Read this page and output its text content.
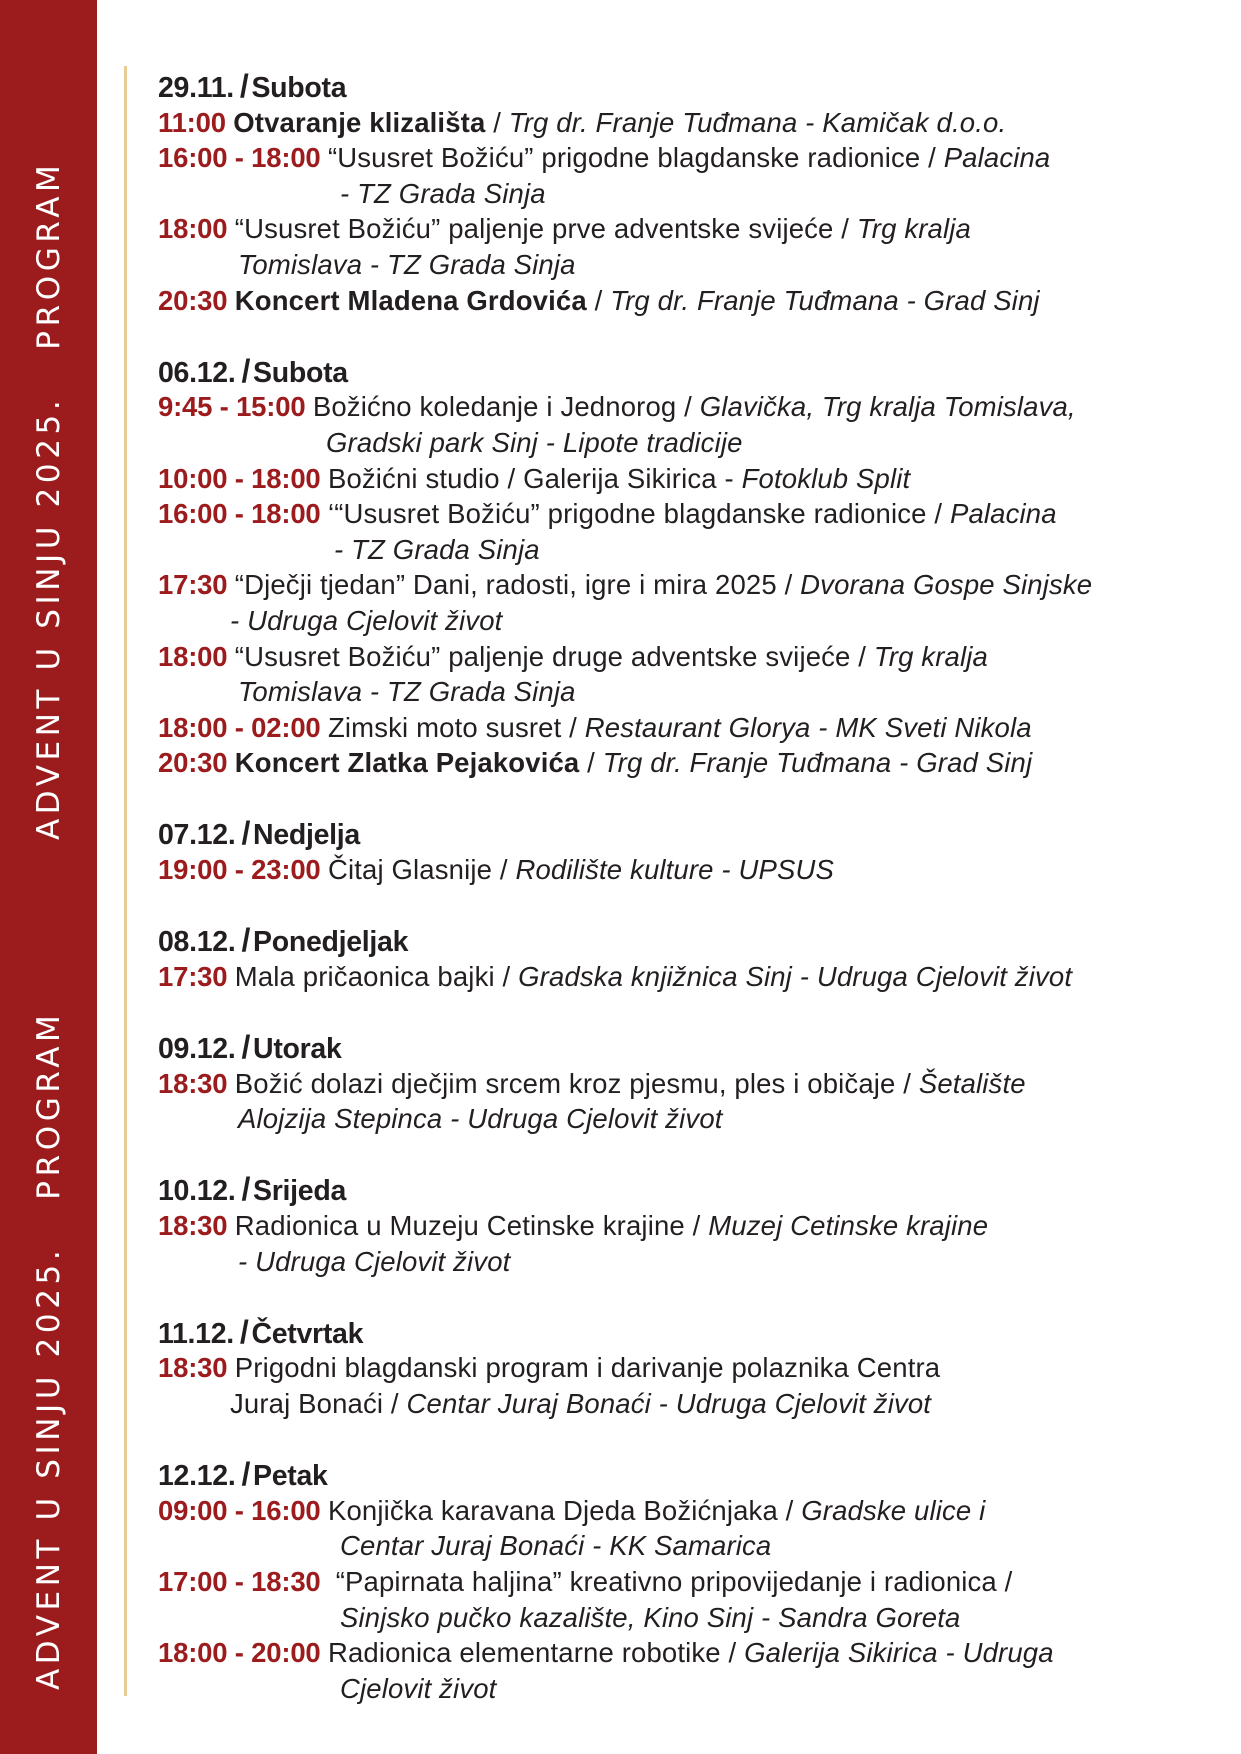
ADVENT U SINJU 2025.PROGRAM
ADVENT U SINJU 2025.PROGRAM
29.11. / Subota
11:00 Otvaranje klizališta / Trg dr. Franje Tuđmana - Kamičak d.o.o.
16:00 - 18:00 “Ususret Božiću” prigodne blagdanske radionice / Palacina
- TZ Grada Sinja
18:00 “Ususret Božiću” paljenje prve adventske svijeće / Trg kralja
Tomislava - TZ Grada Sinja
20:30 Koncert Mladena Grdovića / Trg dr. Franje Tuđmana - Grad Sinj
06.12. / Subota
9:45 - 15:00 Božićno koledanje i Jednorog / Glavička, Trg kralja Tomislava,
Gradski park Sinj - Lipote tradicije
10:00 - 18:00 Božićni studio / Galerija Sikirica - Fotoklub Split
16:00 - 18:00 ‘“Ususret Božiću” prigodne blagdanske radionice / Palacina
- TZ Grada Sinja
17:30 “Dječji tjedan” Dani, radosti, igre i mira 2025 / Dvorana Gospe Sinjske
- Udruga Cjelovit život
18:00 “Ususret Božiću” paljenje druge adventske svijeće / Trg kralja
Tomislava - TZ Grada Sinja
18:00 - 02:00 Zimski moto susret / Restaurant Glorya - MK Sveti Nikola
20:30 Koncert Zlatka Pejakovića / Trg dr. Franje Tuđmana - Grad Sinj
07.12. / Nedjelja
19:00 - 23:00 Čitaj Glasnije / Rodilište kulture - UPSUS
08.12. / Ponedjeljak
17:30 Mala pričaonica bajki / Gradska knjižnica Sinj - Udruga Cjelovit život
09.12. / Utorak
18:30 Božić dolazi dječjim srcem kroz pjesmu, ples i običaje / Šetalište
Alojzija Stepinca - Udruga Cjelovit život
10.12. / Srijeda
18:30 Radionica u Muzeju Cetinske krajine / Muzej Cetinske krajine
- Udruga Cjelovit život
11.12. / Četvrtak
18:30 Prigodni blagdanski program i darivanje polaznika Centra
Juraj Bonaći / Centar Juraj Bonaći - Udruga Cjelovit život
12.12. / Petak
09:00 - 16:00 Konjička karavana Djeda Božićnjaka / Gradske ulice i
Centar Juraj Bonaći - KK Samarica
17:00 - 18:30  “Papirnata haljina” kreativno pripovijedanje i radionica /
Sinjsko pučko kazalište, Kino Sinj - Sandra Goreta
18:00 - 20:00 Radionica elementarne robotike / Galerija Sikirica - Udruga
Cjelovit život
